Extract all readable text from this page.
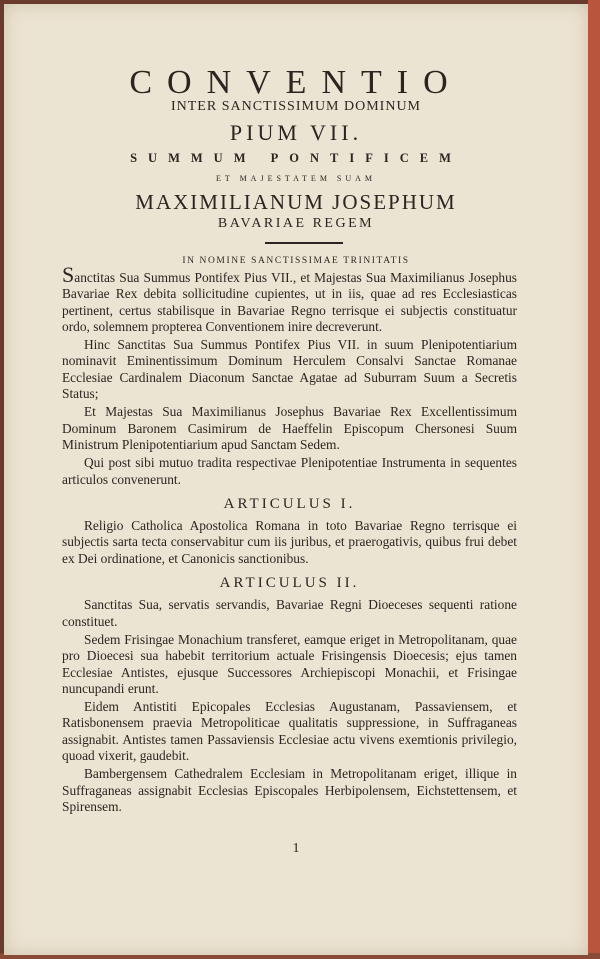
CONVENTIO
INTER SANCTISSIMUM DOMINUM
PIUM VII.
SUMMUM PONTIFICEM
ET MAJESTATEM SUAM
MAXIMILIANUM JOSEPHUM
BAVARIAE REGEM
IN NOMINE SANCTISSIMAE TRINITATIS

Sanctitas Sua Summus Pontifex Pius VII., et Majestas Sua Maximilianus Josephus Bavariae Rex debita sollicitudine cupientes, ut in iis, quae ad res Ecclesiasticas pertinent, certus stabilisque in Bavariae Regno terrisque ei subjectis constituatur ordo, solemnem propterea Conventionem inire decreverunt.

Hinc Sanctitas Sua Summus Pontifex Pius VII. in suum Plenipotentiarium nominavit Eminentissimum Dominum Herculem Consalvi Sanctae Romanae Ecclesiae Cardinalem Diaconum Sanctae Agatae ad Suburram Suum a Secretis Status;

Et Majestas Sua Maximilianus Josephus Bavariae Rex Excellentissimum Dominum Baronem Casimirum de Haeffelin Episcopum Chersonesi Suum Ministrum Plenipotentiarium apud Sanctam Sedem.

Qui post sibi mutuo tradita respectivae Plenipotentiae Instrumenta in sequentes articulos convenerunt.

ARTICULUS I.

Religio Catholica Apostolica Romana in toto Bavariae Regno terrisque ei subjectis sarta tecta conservabitur cum iis juribus, et praerogativis, quibus frui debet ex Dei ordinatione, et Canonicis sanctionibus.

ARTICULUS II.

Sanctitas Sua, servatis servandis, Bavariae Regni Dioeceses sequenti ratione constituet.

Sedem Frisingae Monachium transferet, eamque eriget in Metropolitanam, quae pro Dioecesi sua habebit territorium actuale Frisingensis Dioecesis; ejus tamen Ecclesiae Antistes, ejusque Successores Archiepiscopi Monachii, et Frisingae nuncupandi erunt.

Eidem Antistiti Epicopales Ecclesias Augustanam, Passaviensem, et Ratisbonensem praevia Metropoliticae qualitatis suppressione, in Suffraganeas assignabit. Antistes tamen Passaviensis Ecclesiae actu vivens exemtionis privilegio, quoad vixerit, gaudebit.

Bambergensem Cathedralem Ecclesiam in Metropolitanam eriget, illique in Suffraganeas assignabit Ecclesias Episcopales Herbipolensem, Eichstettensem, et Spirensem.

1
